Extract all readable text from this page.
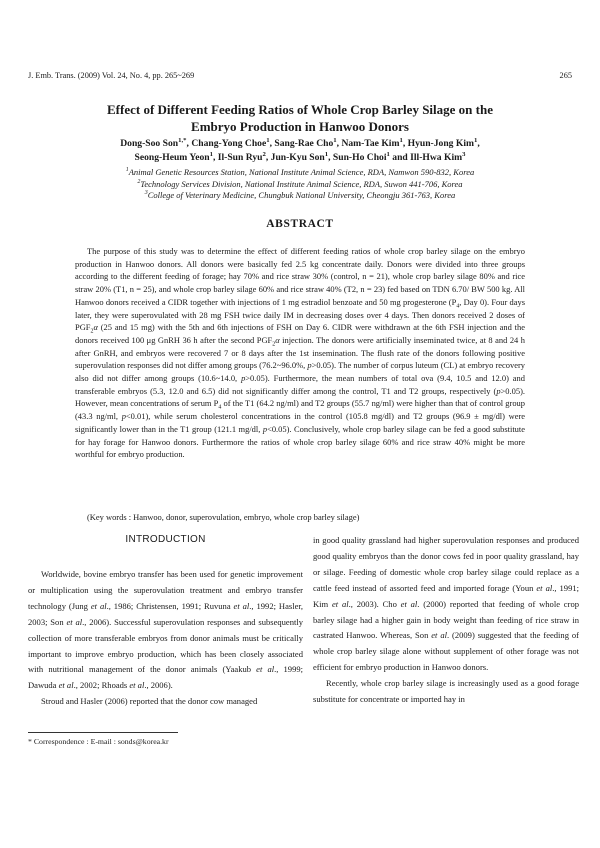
J. Emb. Trans. (2009) Vol. 24, No. 4, pp. 265~269	265
Effect of Different Feeding Ratios of Whole Crop Barley Silage on the
Embryo Production in Hanwoo Donors
Dong-Soo Son$^{1,*}$, Chang-Yong Choe$^1$, Sang-Rae Cho$^1$, Nam-Tae Kim$^1$, Hyun-Jong Kim$^1$,
Seong-Heum Yeon$^1$, Il-Sun Ryu$^2$, Jun-Kyu Son$^1$, Sun-Ho Choi$^1$ and Ill-Hwa Kim$^3$
$^1$Animal Genetic Resources Station, National Institute Animal Science, RDA, Namwon 590-832, Korea
$^2$Technology Services Division, National Institute Animal Science, RDA, Suwon 441-706, Korea
$^3$College of Veterinary Medicine, Chungbuk National University, Cheongju 361-763, Korea
ABSTRACT

The purpose of this study was to determine the effect of different feeding ratios of whole crop barley silage on the embryo production in Hanwoo donors. All donors were basically fed 2.5 kg concentrate daily. Donors were divided into three groups according to the different feeding of forage; hay 70% and rice straw 30% (control, n = 21), whole crop barley silage 80% and rice straw 20% (T1, n = 25), and whole crop barley silage 60% and rice straw 40% (T2, n = 23) fed based on TDN 6.70/ BW 500 kg. All Hanwoo donors received a CIDR together with injections of 1 mg estradiol benzoate and 50 mg progesterone ($P_4$, Day 0). Four days later, they were superovulated with 28 mg FSH twice daily IM in decreasing doses over 4 days. Then donors received 2 doses of $PGF_2\alpha$ (25 and 15 mg) with the 5th and 6th injections of FSH on Day 6. CIDR were withdrawn at the 6th FSH injection and the donors received 100 μg GnRH 36 h after the second $PGF_2\alpha$ injection. The donors were artificially inseminated twice, at 8 and 24 h after GnRH, and embryos were recovered 7 or 8 days after the 1st insemination. The flush rate of the donors following positive superovulation responses did not differ among groups (76.2~96.0%, p>0.05). The number of corpus luteum (CL) at embryo recovery also did not differ among groups (10.6~14.0, p>0.05). Furthermore, the mean numbers of total ova (9.4, 10.5 and 12.0) and transferable embryos (5.3, 12.0 and 6.5) did not significantly differ among the control, T1 and T2 groups, respectively (p>0.05). However, mean concentrations of serum $P_4$ of the T1 (64.2 ng/ml) and T2 groups (55.7 ng/ml) were higher than that of control group (43.3 ng/ml, p<0.01), while serum cholesterol concentrations in the control (105.8 mg/dl) and T2 groups (96.9 ± mg/dl) were significantly lower than in the T1 group (121.1 mg/dl, p<0.05). Conclusively, whole crop barley silage can be fed a good substitute for hay forage for Hanwoo donors. Furthermore the ratios of whole crop barley silage 60% and rice straw 40% might be more worthful for embryo production.

(Key words : Hanwoo, donor, superovulation, embryo, whole crop barley silage)
INTRODUCTION

Worldwide, bovine embryo transfer has been used for genetic improvement or multiplication using the superovulation treatment and embryo transfer technology (Jung et al., 1986; Christensen, 1991; Ruvuna et al., 1992; Hasler, 2003; Son et al., 2006). Successful superovulation responses and subsequently collection of more transferable embryos from donor animals must be critically important to improve embryo production, which has been closely associated with nutritional management of the donor animals (Yaakub et al., 1999; Dawuda et al., 2002; Rhoads et al., 2006).

Stroud and Hasler (2006) reported that the donor cow managed

in good quality grassland had higher superovulation responses and produced good quality embryos than the donor cows fed in poor quality grassland, hay or silage. Feeding of domestic whole crop barley silage could replace as a cattle feed instead of assorted feed and imported forage (Youn et al., 1991; Kim et al., 2003). Cho et al. (2000) reported that feeding of whole crop barley silage had a higher gain in body weight than feeding of rice straw in castrated Hanwoo. Whereas, Son et al. (2009) suggested that the feeding of whole crop barley silage alone without supplement of other forage was not efficient for embryo production in Hanwoo donors.

Recently, whole crop barley silage is increasingly used as a good forage substitute for concentrate or imported hay in

* Correspondence : E-mail : sonds@korea.kr
